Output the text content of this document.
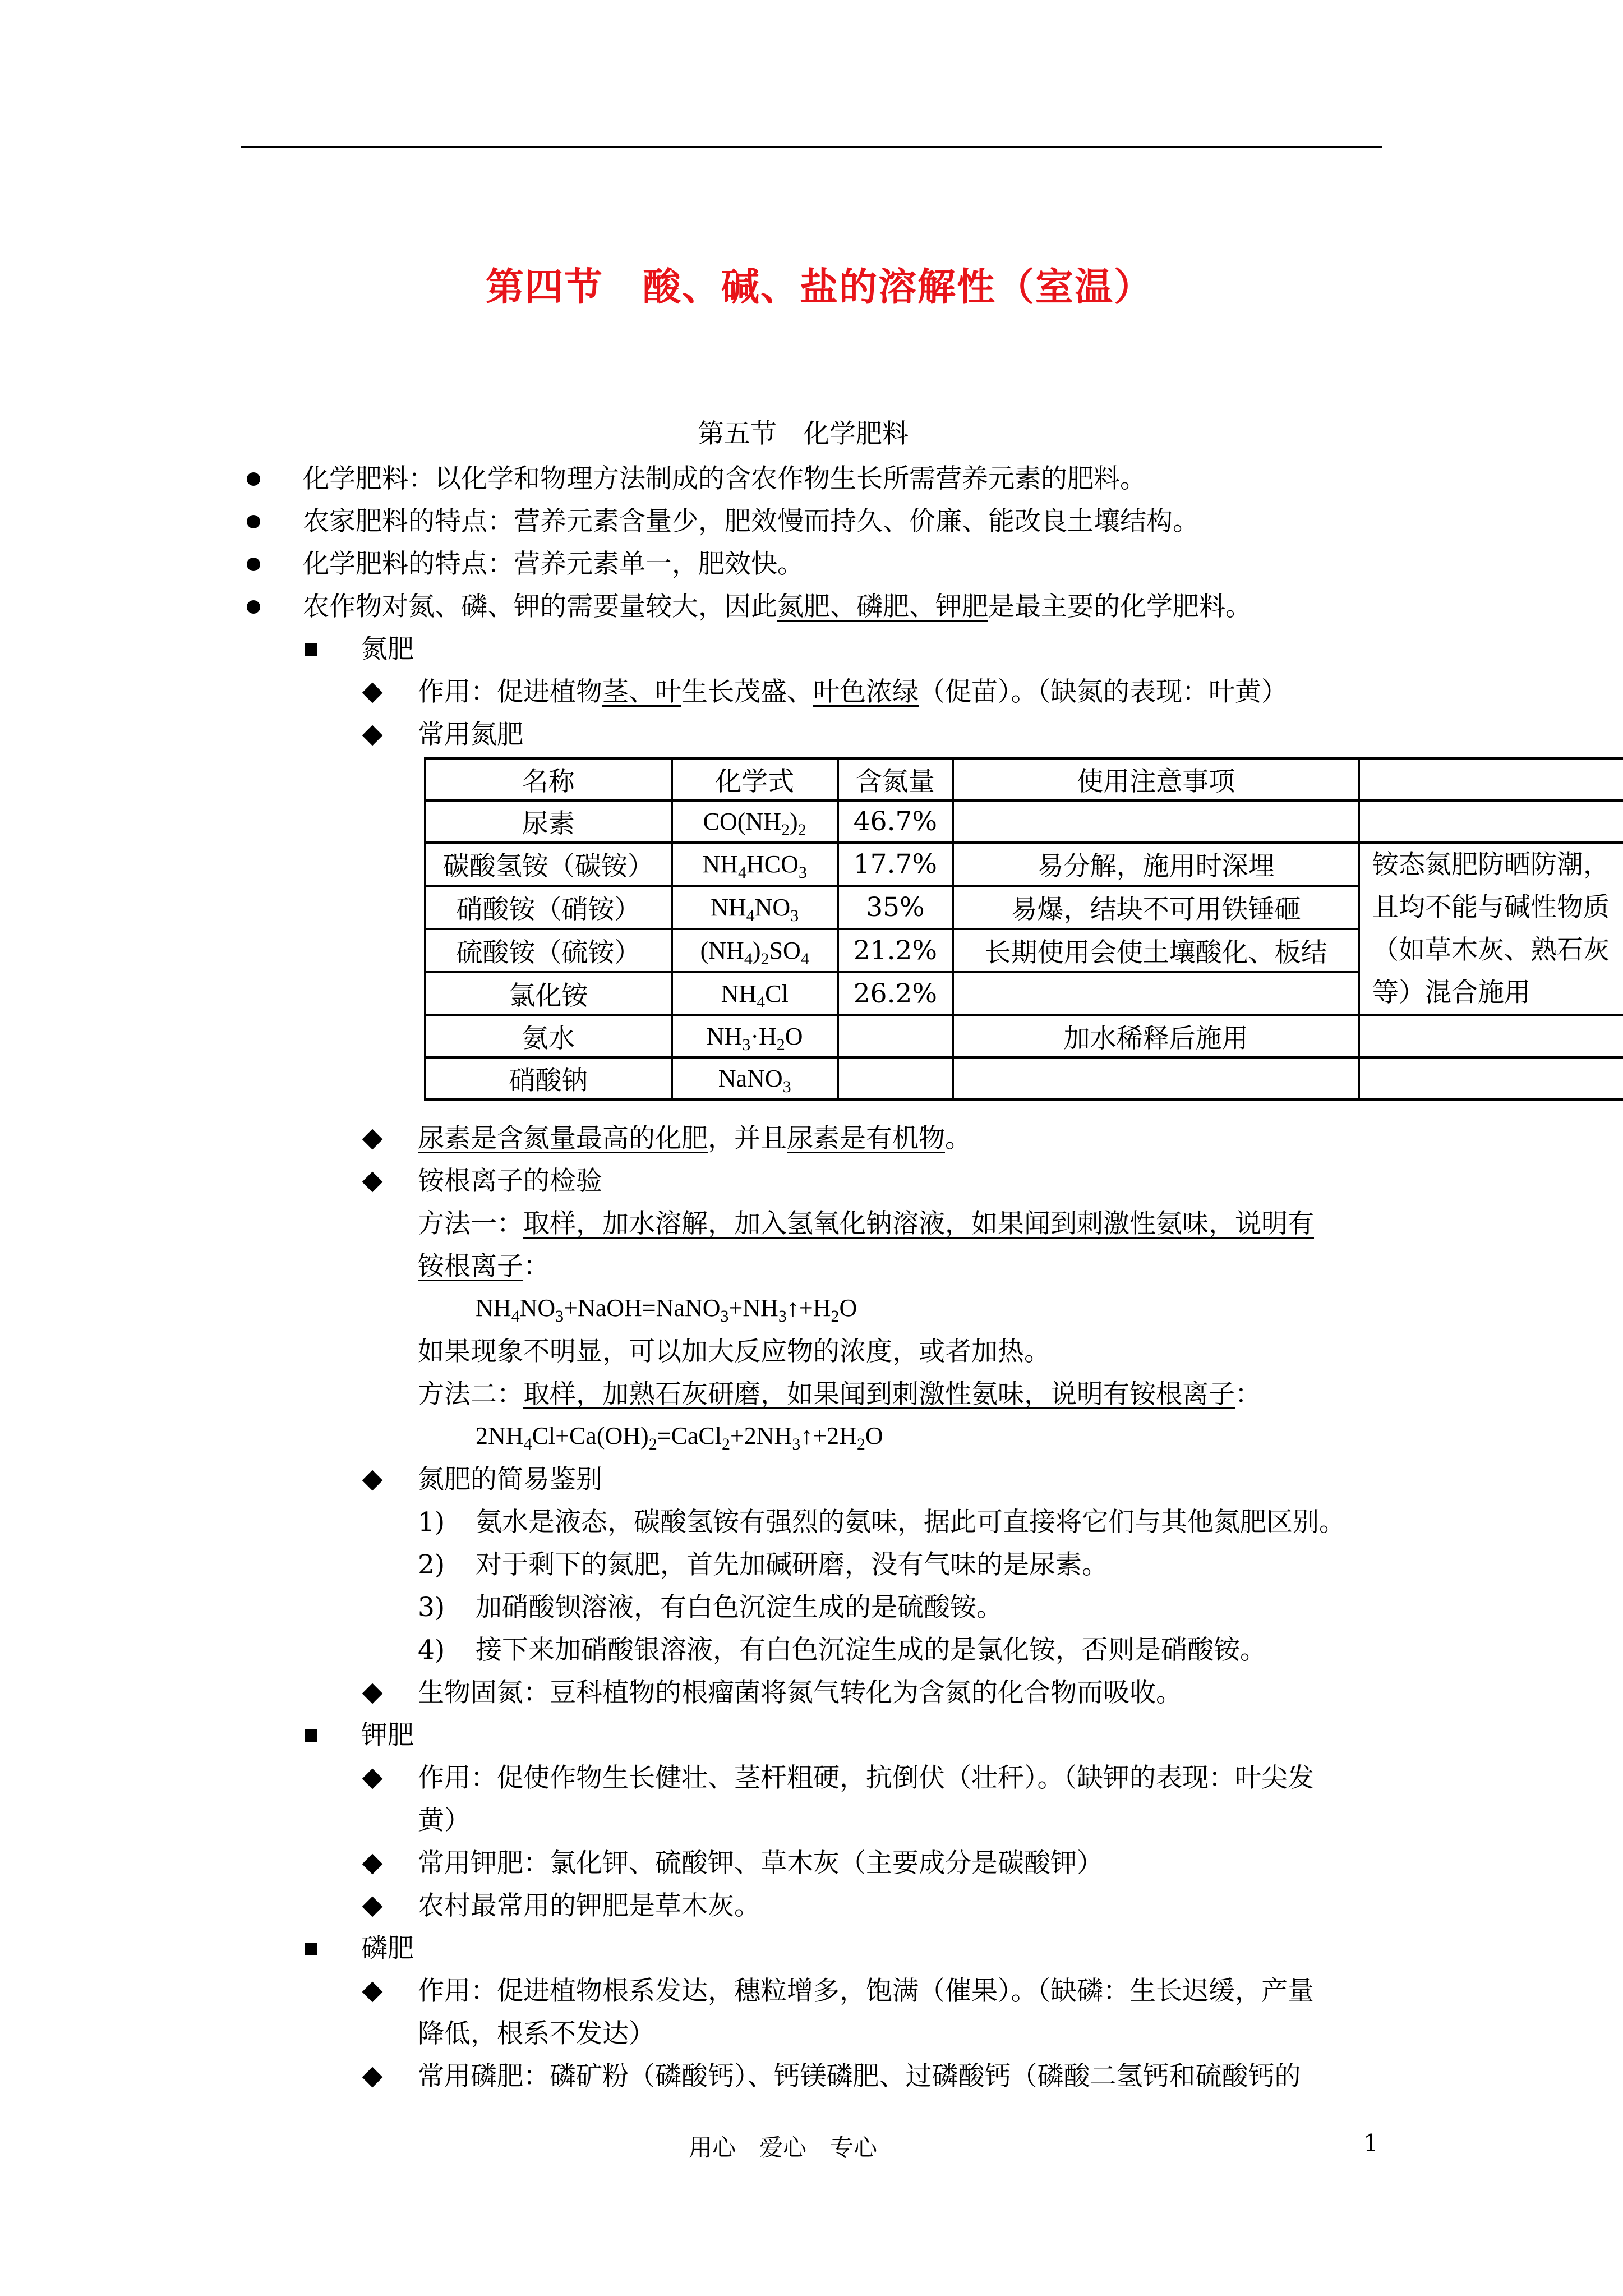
第四节　酸、碱、盐的溶解性（室温）
第五节　化学肥料
化学肥料：以化学和物理方法制成的含农作物生长所需营养元素的肥料。
农家肥料的特点：营养元素含量少，肥效慢而持久、价廉、能改良土壤结构。
化学肥料的特点：营养元素单一，肥效快。
农作物对氮、磷、钾的需要量较大，因此氮肥、磷肥、钾肥是最主要的化学肥料。
氮肥
作用：促进植物茎、叶生长茂盛、叶色浓绿（促苗）。（缺氮的表现：叶黄）
常用氮肥
名称	化学式	含氮量	使用注意事项	
尿素	$CO(NH_2)_2$	46.7%		
碳酸氢铵（碳铵）	$NH_4HCO_3$	17.7%	易分解，施用时深埋	铵态氮肥防晒防潮，且均不能与碱性物质（如草木灰、熟石灰等）混合施用
硝酸铵（硝铵）	$NH_4NO_3$	35%	易爆，结块不可用铁锤砸	
硫酸铵（硫铵）	$(NH_4)_2SO_4$	21.2%	长期使用会使土壤酸化、板结	
氯化铵	$NH_4Cl$	26.2%		
氨水	$NH_3\cdot H_2O$		加水稀释后施用	
硝酸钠	NaNO$_3$			
尿素是含氮量最高的化肥，并且尿素是有机物。
铵根离子的检验
方法一：取样，加水溶解，加入氢氧化钠溶液，如果闻到刺激性氨味，说明有
铵根离子：
$NH_4NO_3+NaOH=NaNO_3+NH_3↑+H_2O$
如果现象不明显，可以加大反应物的浓度，或者加热。
方法二：取样，加熟石灰研磨，如果闻到刺激性氨味，说明有铵根离子：
$2NH_4Cl+Ca(OH)_2=CaCl_2+2NH_3↑+2H_2O$
氮肥的简易鉴别
1) 氨水是液态，碳酸氢铵有强烈的氨味，据此可直接将它们与其他氮肥区别。
2) 对于剩下的氮肥，首先加碱研磨，没有气味的是尿素。
3) 加硝酸钡溶液，有白色沉淀生成的是硫酸铵。
4) 接下来加硝酸银溶液，有白色沉淀生成的是氯化铵，否则是硝酸铵。
生物固氮：豆科植物的根瘤菌将氮气转化为含氮的化合物而吸收。
钾肥
作用：促使作物生长健壮、茎杆粗硬，抗倒伏（壮秆）。（缺钾的表现：叶尖发
黄）
常用钾肥：氯化钾、硫酸钾、草木灰（主要成分是碳酸钾）
农村最常用的钾肥是草木灰。
磷肥
作用：促进植物根系发达，穗粒增多，饱满（催果）。（缺磷：生长迟缓，产量
降低，根系不发达）
常用磷肥：磷矿粉（磷酸钙）、钙镁磷肥、过磷酸钙（磷酸二氢钙和硫酸钙的
用心　爱心　专心	1
